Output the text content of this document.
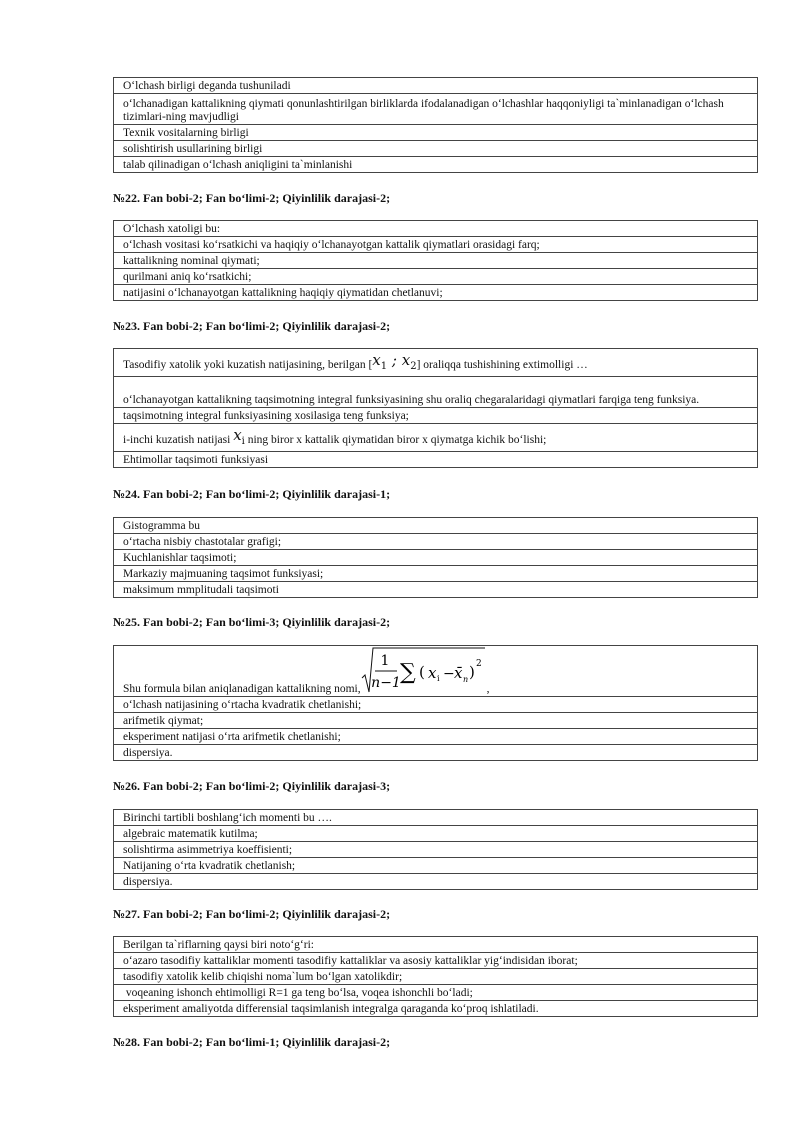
O‘lchash birligi deganda tushuniladi
o‘lchanadigan kattalikning qiymati qonunlashtirilgan birliklarda ifodalanadigan o‘lchashlar haqqoniyligi ta`minlanadigan o‘lchash tizimlari-ning mavjudligi
Texnik vositalarning birligi
solishtirish usullarining birligi
talab qilinadigan o‘lchash aniqligini ta`minlanishi
№22. Fan bobi-2; Fan bo‘limi-2; Qiyinlilik darajasi-2;
O‘lchash xatoligi bu:
o‘lchash vositasi ko‘rsatkichi va haqiqiy o‘lchanayotgan kattalik qiymatlari orasidagi farq;
kattalikning nominal qiymati;
qurilmani aniq ko‘rsatkichi;
natijasini o‘lchanayotgan kattalikning haqiqiy qiymatidan chetlanuvi;
№23. Fan bobi-2; Fan bo‘limi-2; Qiyinlilik darajasi-2;
Tasodifiy xatolik yoki kuzatish natijasining, berilgan [$x_1$ ; $x_2$] oraliqqa tushishining extimolligi …
o‘lchanayotgan kattalikning taqsimotning integral funksiyasining shu oraliq chegaralaridagi qiymatlari farqiga teng funksiya.
taqsimotning integral funksiyasining xosilasiga teng funksiya;
i-inchi kuzatish natijasi $x_i$ ning biror x kattalik qiymatidan biror x qiymatga kichik bo‘lishi;
Ehtimollar taqsimoti funksiyasi
№24. Fan bobi-2; Fan bo‘limi-2; Qiyinlilik darajasi-1;
Gistogramma bu
o‘rtacha nisbiy chastotalar grafigi;
Kuchlanishlar taqsimoti;
Markaziy majmuaning taqsimot funksiyasi;
maksimum mmplitudali taqsimoti
№25. Fan bobi-2; Fan bo‘limi-3; Qiyinlilik darajasi-2;
Shu formula bilan aniqlanadigan kattalikning nomi,
1
n−1 ∑ ( x i − x̄ n ) 2
,
o‘lchash natijasining o‘rtacha kvadratik chetlanishi;
arifmetik qiymat;
eksperiment natijasi o‘rta arifmetik chetlanishi;
dispersiya.
№26. Fan bobi-2; Fan bo‘limi-2; Qiyinlilik darajasi-3;
Birinchi tartibli boshlang‘ich momenti bu ….
algebraic matematik kutilma;
solishtirma asimmetriya koeffisienti;
Natijaning o‘rta kvadratik chetlanish;
dispersiya.
№27. Fan bobi-2; Fan bo‘limi-2; Qiyinlilik darajasi-2;
Berilgan ta`riflarning qaysi biri noto‘g‘ri:
o‘azaro tasodifiy kattaliklar momenti tasodifiy kattaliklar va asosiy kattaliklar yig‘indisidan iborat;
tasodifiy xatolik kelib chiqishi noma`lum bo‘lgan xatolikdir;
voqeaning ishonch ehtimolligi R=1 ga teng bo‘lsa, voqea ishonchli bo‘ladi;
eksperiment amaliyotda differensial taqsimlanish integralga qaraganda ko‘proq ishlatiladi.
№28. Fan bobi-2; Fan bo‘limi-1; Qiyinlilik darajasi-2;
